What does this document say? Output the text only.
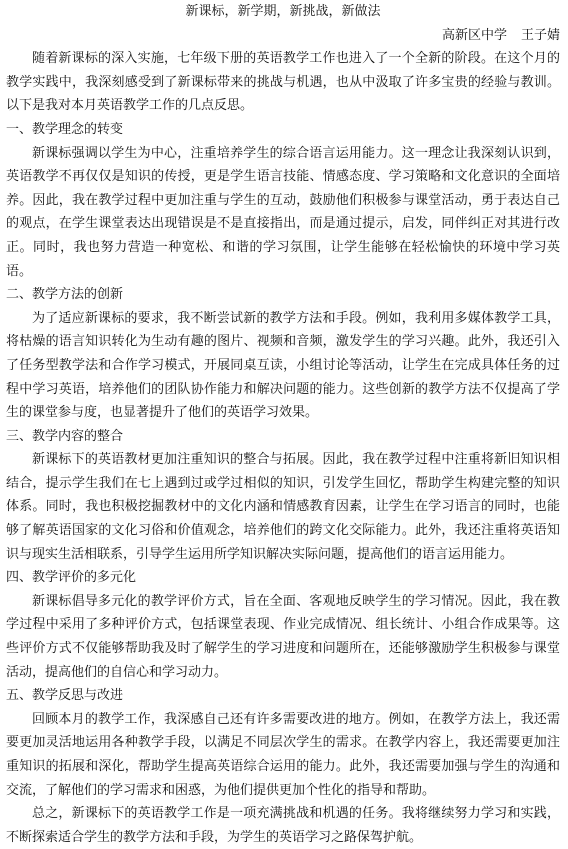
新课标，新学期，新挑战，新做法
高新区中学 王子婧

随着新课标的深入实施，七年级下册的英语教学工作也进入了一个全新的阶段。在这个月的教学实践中，我深刻感受到了新课标带来的挑战与机遇，也从中汲取了许多宝贵的经验与教训。以下是我对本月英语教学工作的几点反思。

一、教学理念的转变

新课标强调以学生为中心，注重培养学生的综合语言运用能力。这一理念让我深刻认识到，英语教学不再仅仅是知识的传授，更是学生语言技能、情感态度、学习策略和文化意识的全面培养。因此，我在教学过程中更加注重与学生的互动，鼓励他们积极参与课堂活动，勇于表达自己的观点，在学生课堂表达出现错误是不是直接指出，而是通过提示，启发，同伴纠正对其进行改正。同时，我也努力营造一种宽松、和谐的学习氛围，让学生能够在轻松愉快的环境中学习英语。

二、教学方法的创新

为了适应新课标的要求，我不断尝试新的教学方法和手段。例如，我利用多媒体教学工具，将枯燥的语言知识转化为生动有趣的图片、视频和音频，激发学生的学习兴趣。此外，我还引入了任务型教学法和合作学习模式，开展同桌互读，小组讨论等活动，让学生在完成具体任务的过程中学习英语，培养他们的团队协作能力和解决问题的能力。这些创新的教学方法不仅提高了学生的课堂参与度，也显著提升了他们的英语学习效果。

三、教学内容的整合

新课标下的英语教材更加注重知识的整合与拓展。因此，我在教学过程中注重将新旧知识相结合，提示学生我们在七上遇到过或学过相似的知识，引发学生回忆，帮助学生构建完整的知识体系。同时，我也积极挖掘教材中的文化内涵和情感教育因素，让学生在学习语言的同时，也能够了解英语国家的文化习俗和价值观念，培养他们的跨文化交际能力。此外，我还注重将英语知识与现实生活相联系，引导学生运用所学知识解决实际问题，提高他们的语言运用能力。

四、教学评价的多元化

新课标倡导多元化的教学评价方式，旨在全面、客观地反映学生的学习情况。因此，我在教学过程中采用了多种评价方式，包括课堂表现、作业完成情况、组长统计、小组合作成果等。这些评价方式不仅能够帮助我及时了解学生的学习进度和问题所在，还能够激励学生积极参与课堂活动，提高他们的自信心和学习动力。

五、教学反思与改进

回顾本月的教学工作，我深感自己还有许多需要改进的地方。例如，在教学方法上，我还需要更加灵活地运用各种教学手段，以满足不同层次学生的需求。在教学内容上，我还需要更加注重知识的拓展和深化，帮助学生提高英语综合运用的能力。此外，我还需要加强与学生的沟通和交流，了解他们的学习需求和困惑，为他们提供更加个性化的指导和帮助。

总之，新课标下的英语教学工作是一项充满挑战和机遇的任务。我将继续努力学习和实践，不断探索适合学生的教学方法和手段，为学生的英语学习之路保驾护航。
